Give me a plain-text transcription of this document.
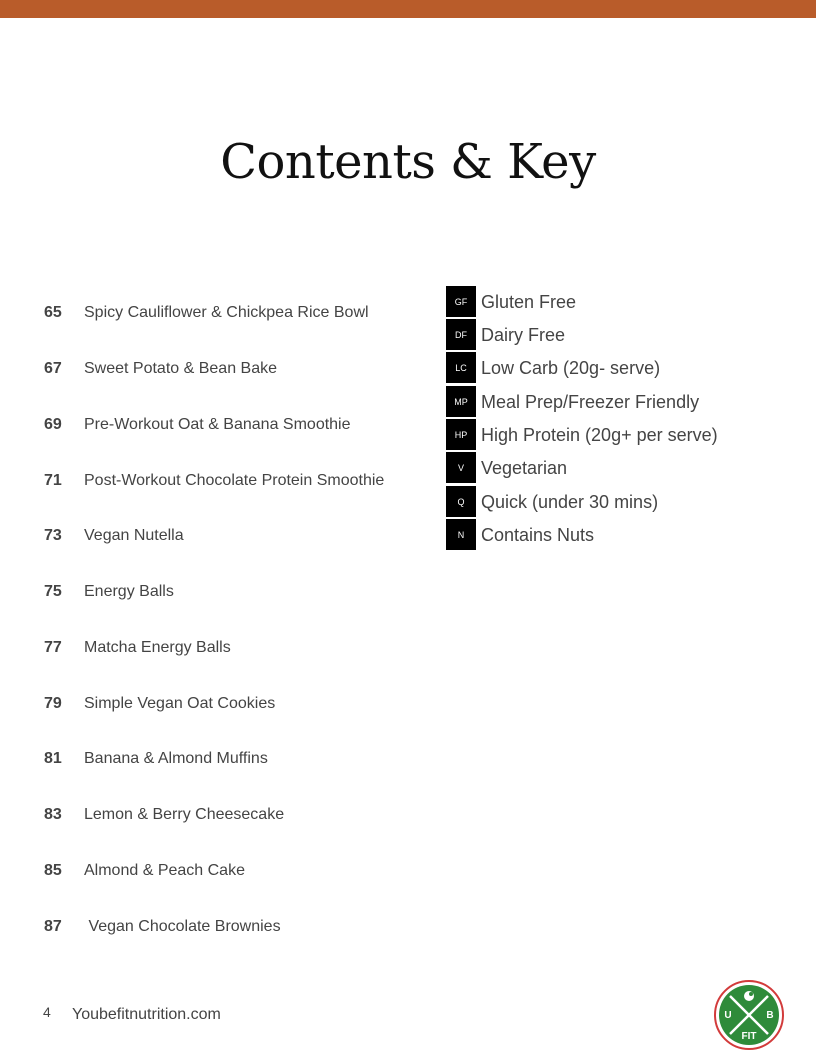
Contents & Key
65	Spicy Cauliflower & Chickpea Rice Bowl
67	Sweet Potato & Bean Bake
69	Pre-Workout Oat & Banana Smoothie
71	Post-Workout Chocolate Protein Smoothie
73	Vegan Nutella
75	Energy Balls
77	Matcha Energy Balls
79	Simple Vegan Oat Cookies
81	Banana & Almond Muffins
83	Lemon & Berry Cheesecake
85	Almond & Peach Cake
87	Vegan Chocolate Brownies
GF Gluten Free
DF Dairy Free
LC Low Carb (20g- serve)
MP Meal Prep/Freezer Friendly
HP High Protein (20g+ per serve)
V Vegetarian
Q Quick (under 30 mins)
N Contains Nuts
4 Youbefitnutrition.com	U	B
FIT
